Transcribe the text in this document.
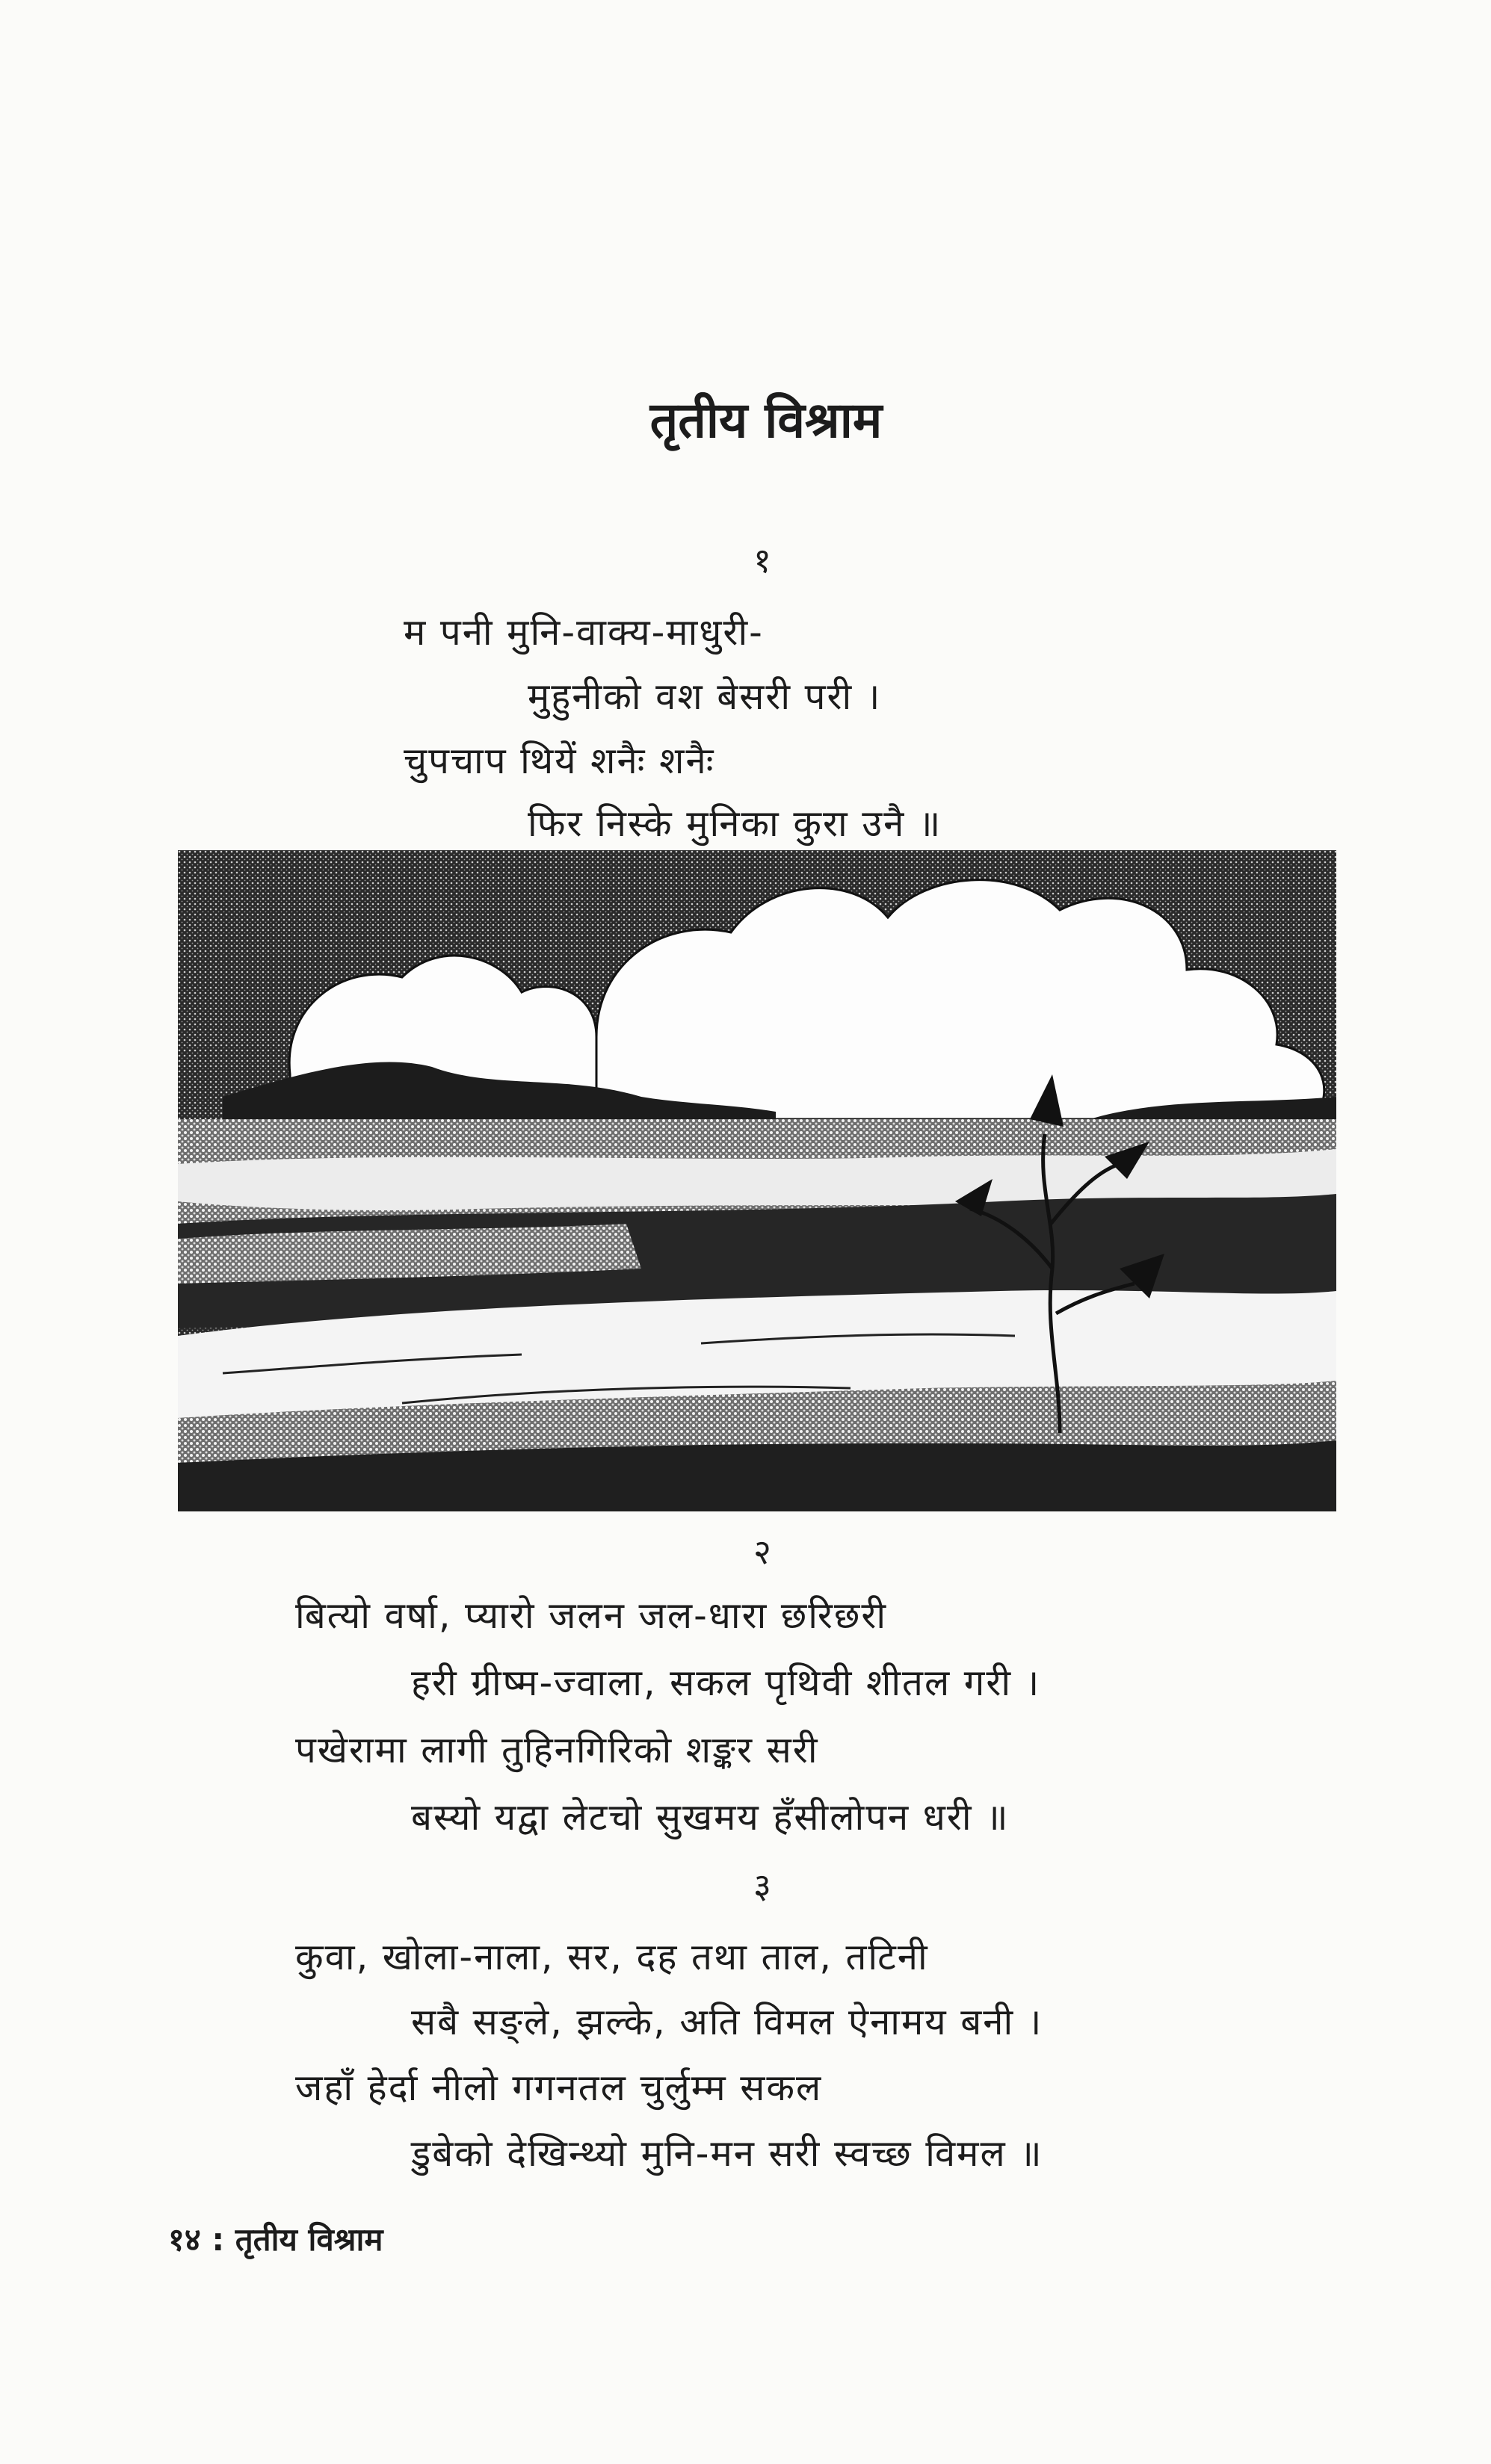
तृतीय विश्राम
१
म पनी मुनि-वाक्य-माधुरी-
मुहुनीको वश बेसरी परी ।
चुपचाप थियें शनैः शनैः
फिर निस्के मुनिका कुरा उनै ॥
२
बित्यो वर्षा, प्यारो जलन जल-धारा छरिछरी
हरी ग्रीष्म-ज्वाला, सकल पृथिवी शीतल गरी ।
पखेरामा लागी तुहिनगिरिको शङ्कर सरी
बस्यो यद्वा लेटचो सुखमय हँसीलोपन धरी ॥
३
कुवा, खोला-नाला, सर, दह तथा ताल, तटिनी
सबै सङ्ले, झल्के, अति विमल ऐनामय बनी ।
जहाँ हेर्दा नीलो गगनतल चुर्लुम्म सकल
डुबेको देखिन्थ्यो मुनि-मन सरी स्वच्छ विमल ॥
१४ : तृतीय विश्राम
